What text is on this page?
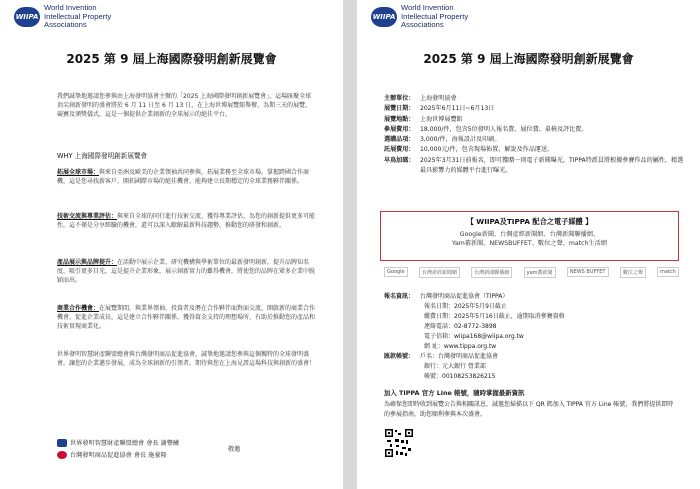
WIIPA
World Invention
Intellectual Property
Associations
2025 第 9 屆上海國際發明創新展覽會
我們誠摯地邀請您參與由上海發明協會主辦的「2025 上海國際發明創新展覽會」，這場匯聚全球頂尖創新發明的盛會將於 6 月 11 日至 6 月 13 日，在上海世博展覽館舉辦，為期三天的展覽、競賽及頒獎儀式，這是一個提供企業創新的全球展示的絕佳平台。
WHY 上海國際發明創新展覽會
拓展全球市場：與來自亞洲及歐美的企業領袖共同參與，拓展業務至全球市場，掌握跨國合作商機，這是您尋找新客戶、開拓國際市場的絕佳機會，能夠建立長期穩定的全球業務夥伴關係。
技術交流與專業評估：與來自全球的同行進行技術交流，獲得專業評估，為您的創新提供更多可能性，這不僅是分享經驗的機會，還可以深入瞭解最新科技趨勢，推動您的研發和創新。
產品展示與品牌提升：在活動中展示企業、研究機構與學術單位的最新發明創新，提升品牌知名度，吸引更多目光，這是提升企業形象，展示創新實力的難得機會，將使您的品牌在眾多企業中脫穎而出。
商業合作機會：在展覽期間，與業界領袖、投資者及潛在合作夥伴面對面交流，開啟新的商業合作機會，促進企業成長，這是建立合作夥伴關係，獲得資金支持的理想場所，有助於推動您的產品和技術實現商業化。
世界發明智慧財產聯盟總會與台灣發明商品促進協會，誠摯地邀請您參與這個獨特的全球發明盛會。讓您的企業邁步發展，成為全球創新的引領者，期待與您在上海見證這場科技與創新的盛會！
世界發明智慧財產聯盟總會 會長 謝豐曦
台灣發明商品促進協會 會長 施養隆
敬邀
WIIPA
World Invention
Intellectual Property
Associations
2025 第 9 屆上海國際發明創新展覽會
主辦單位： 上海發明協會
展覽日期： 2025年6月11日~6月13日
展覽地點： 上海世博展覽館
參展費用： 18,000/件，包含5位發明人報名費、展位費、桌椅及評比費。
選購品項： 3,000/件，海報設計及印刷。
託展費用： 10,000元/件，包含現場佈置、解說及作品運送。
早鳥加碼： 2025年3月31日前報名，即可獲贈一則電子新聞曝光，TIPPA特派員將根據參賽作品的屬性，精選最具影響力的媒體平台進行曝光。
【 WIIPA及TIPPA 配合之電子媒體 】
Google新聞、台灣產經新聞網、台灣新聞聯播網、
Yam蕃新聞、NEWSBUFFET、數位之聲、match生活網
Google	台灣產經新聞網	台灣新聞聯播網	yam蕃新聞	NEWS BUFFET	數位之聲	match
報名資訊： 台灣發明商品促進協會（TIPPA）
報名日期：2025年5月9日截止
繳費日期：2025年5月16日截止，逾期取消參賽資格
連絡電話：02-8772-3898
電子信箱：wiipa168@wiipa.org.tw
網 址：www.tippa.org.tw
匯款帳號： 戶名：台灣發明商品促進協會
銀行：元大銀行 營業部
帳號：00108253826215
加入 TIPPA 官方 Line 帳號，隨時掌握最新資訊
為確保您即時收到展覽公告與相關訊息，誠邀您掃描以下 QR 碼加入 TIPPA 官方 Line 帳號，我們將提供即時的參展指南，助您順利參與本次盛會。
